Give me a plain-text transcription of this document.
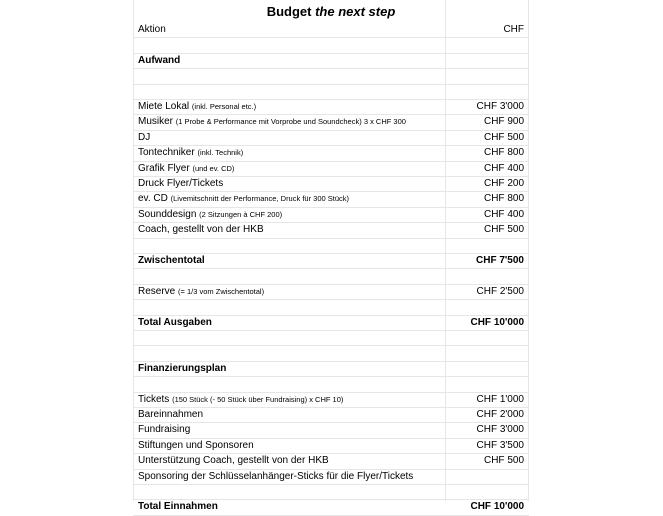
Budget the next step
Aktion	CHF
Aufwand
Miete Lokal (inkl. Personal etc.)	CHF 3'000
Musiker (1 Probe & Performance mit Vorprobe und Soundcheck) 3 x CHF 300	CHF 900
DJ	CHF 500
Tontechniker (inkl. Technik)	CHF 800
Grafik Flyer (und ev. CD)	CHF 400
Druck Flyer/Tickets	CHF 200
ev. CD (Livemitschnitt der Performance, Druck für 300 Stück)	CHF 800
Sounddesign (2 Sitzungen à CHF 200)	CHF 400
Coach, gestellt von der HKB	CHF 500
Zwischentotal	CHF 7'500
Reserve (= 1/3 vom Zwischentotal)	CHF 2'500
Total Ausgaben	CHF 10'000
Finanzierungsplan
Tickets (150 Stück (- 50 Stück über Fundraising) x CHF 10)	CHF 1'000
Bareinnahmen	CHF 2'000
Fundraising	CHF 3'000
Stiftungen und Sponsoren	CHF 3'500
Unterstützung Coach, gestellt von der HKB	CHF 500
Sponsoring der Schlüsselanhänger-Sticks für die Flyer/Tickets
Total Einnahmen	CHF 10'000
